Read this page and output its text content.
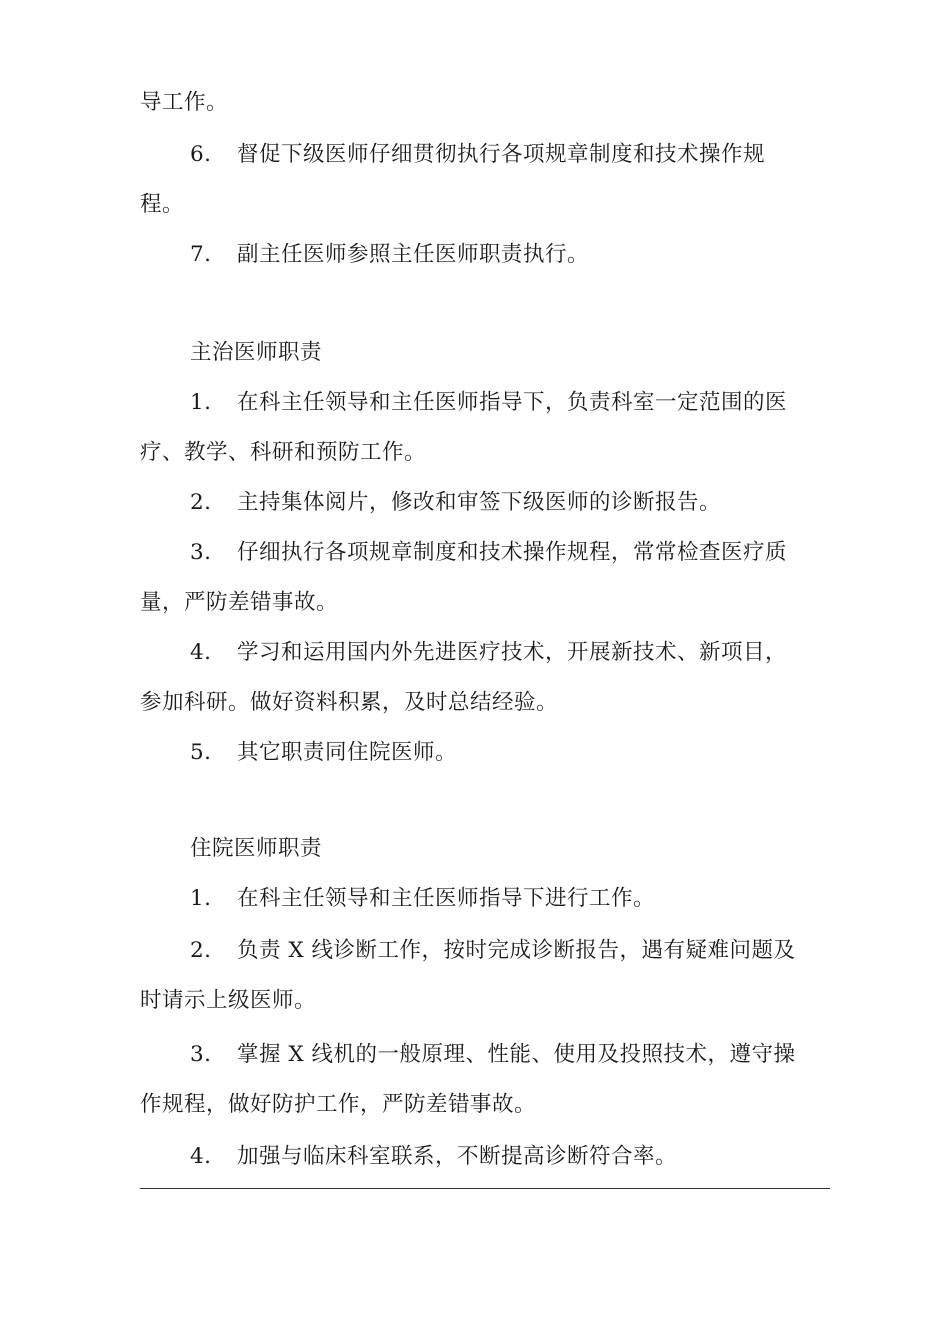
导工作。
6. 督促下级医师仔细贯彻执行各项规章制度和技术操作规
程。
7. 副主任医师参照主任医师职责执行。
主治医师职责
1. 在科主任领导和主任医师指导下，负责科室一定范围的医
疗、教学、科研和预防工作。
2. 主持集体阅片，修改和审签下级医师的诊断报告。
3. 仔细执行各项规章制度和技术操作规程，常常检查医疗质
量，严防差错事故。
4. 学习和运用国内外先进医疗技术，开展新技术、新项目，
参加科研。做好资料积累，及时总结经验。
5. 其它职责同住院医师。
住院医师职责
1. 在科主任领导和主任医师指导下进行工作。
2. 负责 X 线诊断工作，按时完成诊断报告，遇有疑难问题及
时请示上级医师。
3. 掌握 X 线机的一般原理、性能、使用及投照技术，遵守操
作规程，做好防护工作，严防差错事故。
4. 加强与临床科室联系，不断提高诊断符合率。
